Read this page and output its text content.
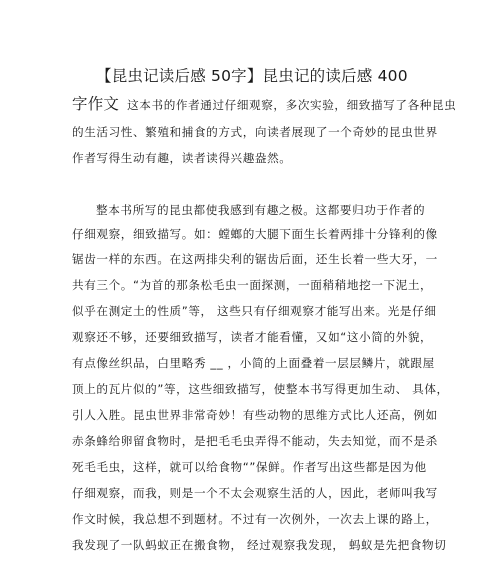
【昆虫记读后感 50字】昆虫记的读后感 400
字作文 这本书的作者通过仔细观察，多次实验，细致描写了各种昆虫
的生活习性、繁殖和捕食的方式，向读者展现了一个奇妙的昆虫世界
作者写得生动有趣，读者读得兴趣盎然。
整本书所写的昆虫都使我感到有趣之极。这都要归功于作者的
仔细观察，细致描写。如：螳螂的大腿下面生长着两排十分锋利的像
锯齿一样的东西。在这两排尖利的锯齿后面，还生长着一些大牙，一
共有三个。“为首的那条松毛虫一面探测，一面稍稍地挖一下泥土，
似乎在测定土的性质”等， 这些只有仔细观察才能写出来。光是仔细
观察还不够，还要细致描写，读者才能看懂，又如“这小简的外貌，
有点像丝织品，白里略秀 __ ，小简的上面叠着一层层鳞片，就跟屋
顶上的瓦片似的”等，这些细致描写，使整本书写得更加生动、 具体，
引人入胜。昆虫世界非常奇妙！有些动物的思维方式比人还高，例如
赤条蜂给卵留食物时，是把毛毛虫弄得不能动，失去知觉，而不是杀
死毛毛虫，这样，就可以给食物“”保鲜。作者写出这些都是因为他
仔细观察，而我，则是一个不太会观察生活的人，因此，老师叫我写
作文时候，我总想不到题材。不过有一次例外，一次去上课的路上，
我发现了一队蚂蚁正在搬食物， 经过观察我发现， 蚂蚁是先把食物切
